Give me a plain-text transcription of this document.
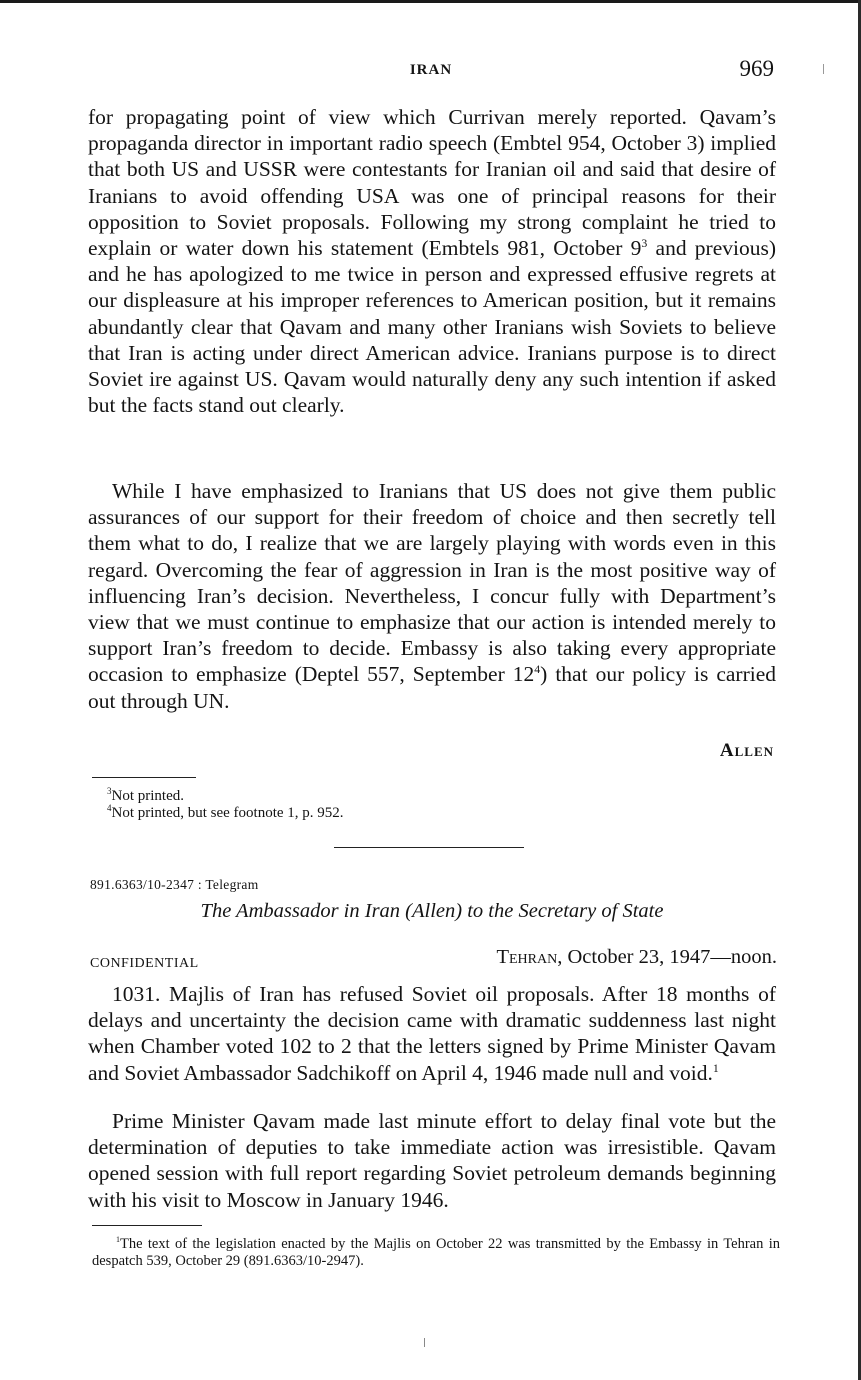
IRAN	969

for propagating point of view which Currivan merely reported. Qavam’s propaganda director in important radio speech (Embtel 954, October 3) implied that both US and USSR were contestants for Iranian oil and said that desire of Iranians to avoid offending USA was one of principal reasons for their opposition to Soviet proposals. Following my strong complaint he tried to explain or water down his statement (Embtels 981, October $9^3$ and previous) and he has apologized to me twice in person and expressed effusive regrets at our displeasure at his improper references to American position, but it remains abundantly clear that Qavam and many other Iranians wish Soviets to believe that Iran is acting under direct American advice. Iranians purpose is to direct Soviet ire against US. Qavam would naturally deny any such intention if asked but the facts stand out clearly.

While I have emphasized to Iranians that US does not give them public assurances of our support for their freedom of choice and then secretly tell them what to do, I realize that we are largely playing with words even in this regard. Overcoming the fear of aggression in Iran is the most positive way of influencing Iran’s decision. Nevertheless, I concur fully with Department’s view that we must continue to emphasize that our action is intended merely to support Iran’s freedom to decide. Embassy is also taking every appropriate occasion to emphasize (Deptel 557, September $12^4$) that our policy is carried out through UN.

Allen
$^3$Not printed.
$^4$Not printed, but see footnote 1, p. 952.
891.6363/10-2347 : Telegram
The Ambassador in Iran (Allen) to the Secretary of State
CONFIDENTIAL	Tehran, October 23, 1947—noon.

1031. Majlis of Iran has refused Soviet oil proposals. After 18 months of delays and uncertainty the decision came with dramatic suddenness last night when Chamber voted 102 to 2 that the letters signed by Prime Minister Qavam and Soviet Ambassador Sadchikoff on April 4, 1946 made null and void.$^1$

Prime Minister Qavam made last minute effort to delay final vote but the determination of deputies to take immediate action was irresistible. Qavam opened session with full report regarding Soviet petroleum demands beginning with his visit to Moscow in January 1946.

$^1$The text of the legislation enacted by the Majlis on October 22 was transmitted by the Embassy in Tehran in despatch 539, October 29 (891.6363/10-2947).
